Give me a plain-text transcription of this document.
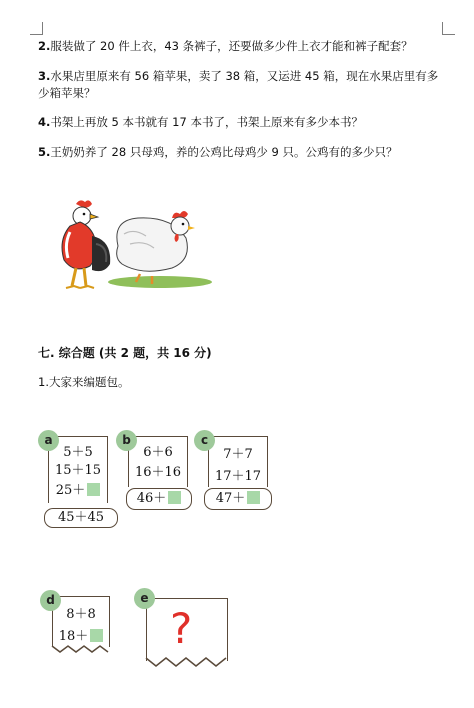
2.服装做了 20 件上衣，43 条裤子，还要做多少件上衣才能和裤子配套？
3.水果店里原来有 56 箱苹果，卖了 38 箱，又运进 45 箱，现在水果店里有多少箱苹果？
4.书架上再放 5 本书就有 17 本书了，书架上原来有多少本书？
5.王奶奶养了 28 只母鸡，养的公鸡比母鸡少 9 只。公鸡有的多少只？
七. 综合题 (共 2 题，共 16 分)
1.大家来编题包。
5＋5
15＋15
25＋
45＋45
a
6＋6
16＋16
46＋
b
7＋7
17＋17
47＋
c
8＋8
18＋
d
?
e
